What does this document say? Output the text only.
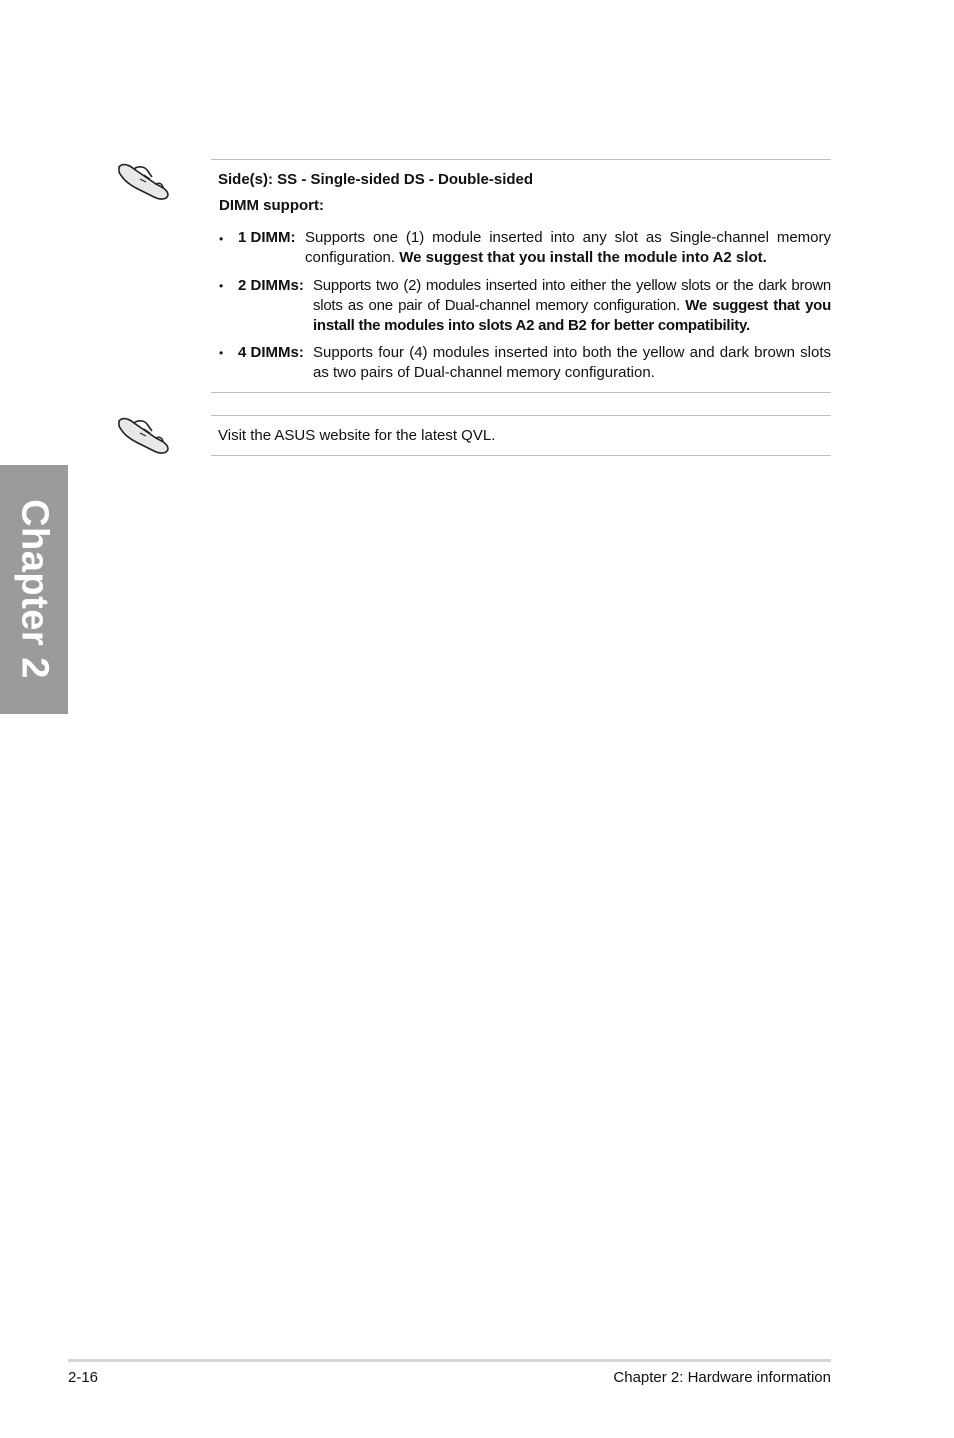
Chapter 2
Side(s): SS - Single-sided DS - Double-sided
DIMM support:
• 1 DIMM: Supports one (1) module inserted into any slot as Single-channel memory
configuration. We suggest that you install the module into A2 slot.
• 2 DIMMs: Supports two (2) modules inserted into either the yellow slots or the dark brown
slots as one pair of Dual-channel memory configuration. We suggest that you
install the modules into slots A2 and B2 for better compatibility.
• 4 DIMMs: Supports four (4) modules inserted into both the yellow and dark brown slots
as two pairs of Dual-channel memory configuration.
Visit the ASUS website for the latest QVL.
2-16	Chapter 2: Hardware information
